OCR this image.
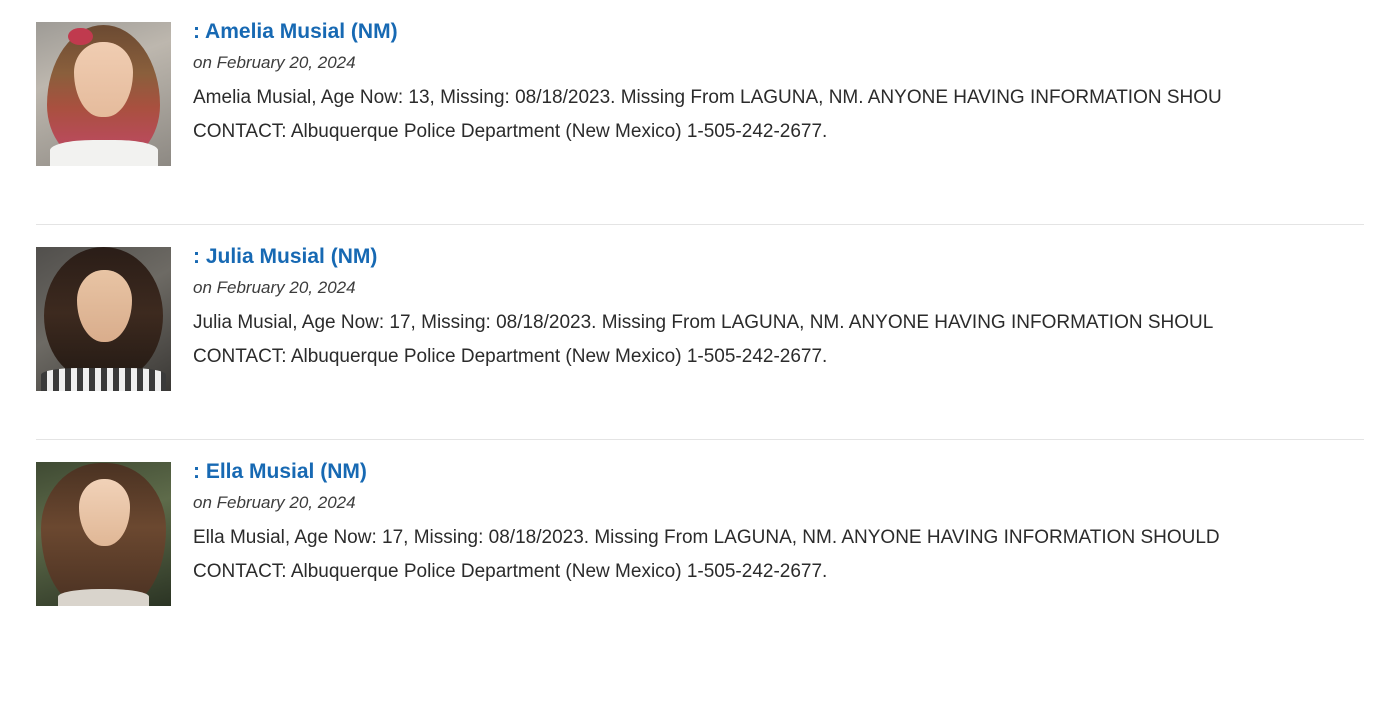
: Amelia Musial (NM)
on February 20, 2024
Amelia Musial, Age Now: 13, Missing: 08/18/2023. Missing From LAGUNA, NM. ANYONE HAVING INFORMATION SHOU
CONTACT: Albuquerque Police Department (New Mexico) 1-505-242-2677.
: Julia Musial (NM)
on February 20, 2024
Julia Musial, Age Now: 17, Missing: 08/18/2023. Missing From LAGUNA, NM. ANYONE HAVING INFORMATION SHOUL
CONTACT: Albuquerque Police Department (New Mexico) 1-505-242-2677.
: Ella Musial (NM)
on February 20, 2024
Ella Musial, Age Now: 17, Missing: 08/18/2023. Missing From LAGUNA, NM. ANYONE HAVING INFORMATION SHOULD
CONTACT: Albuquerque Police Department (New Mexico) 1-505-242-2677.
